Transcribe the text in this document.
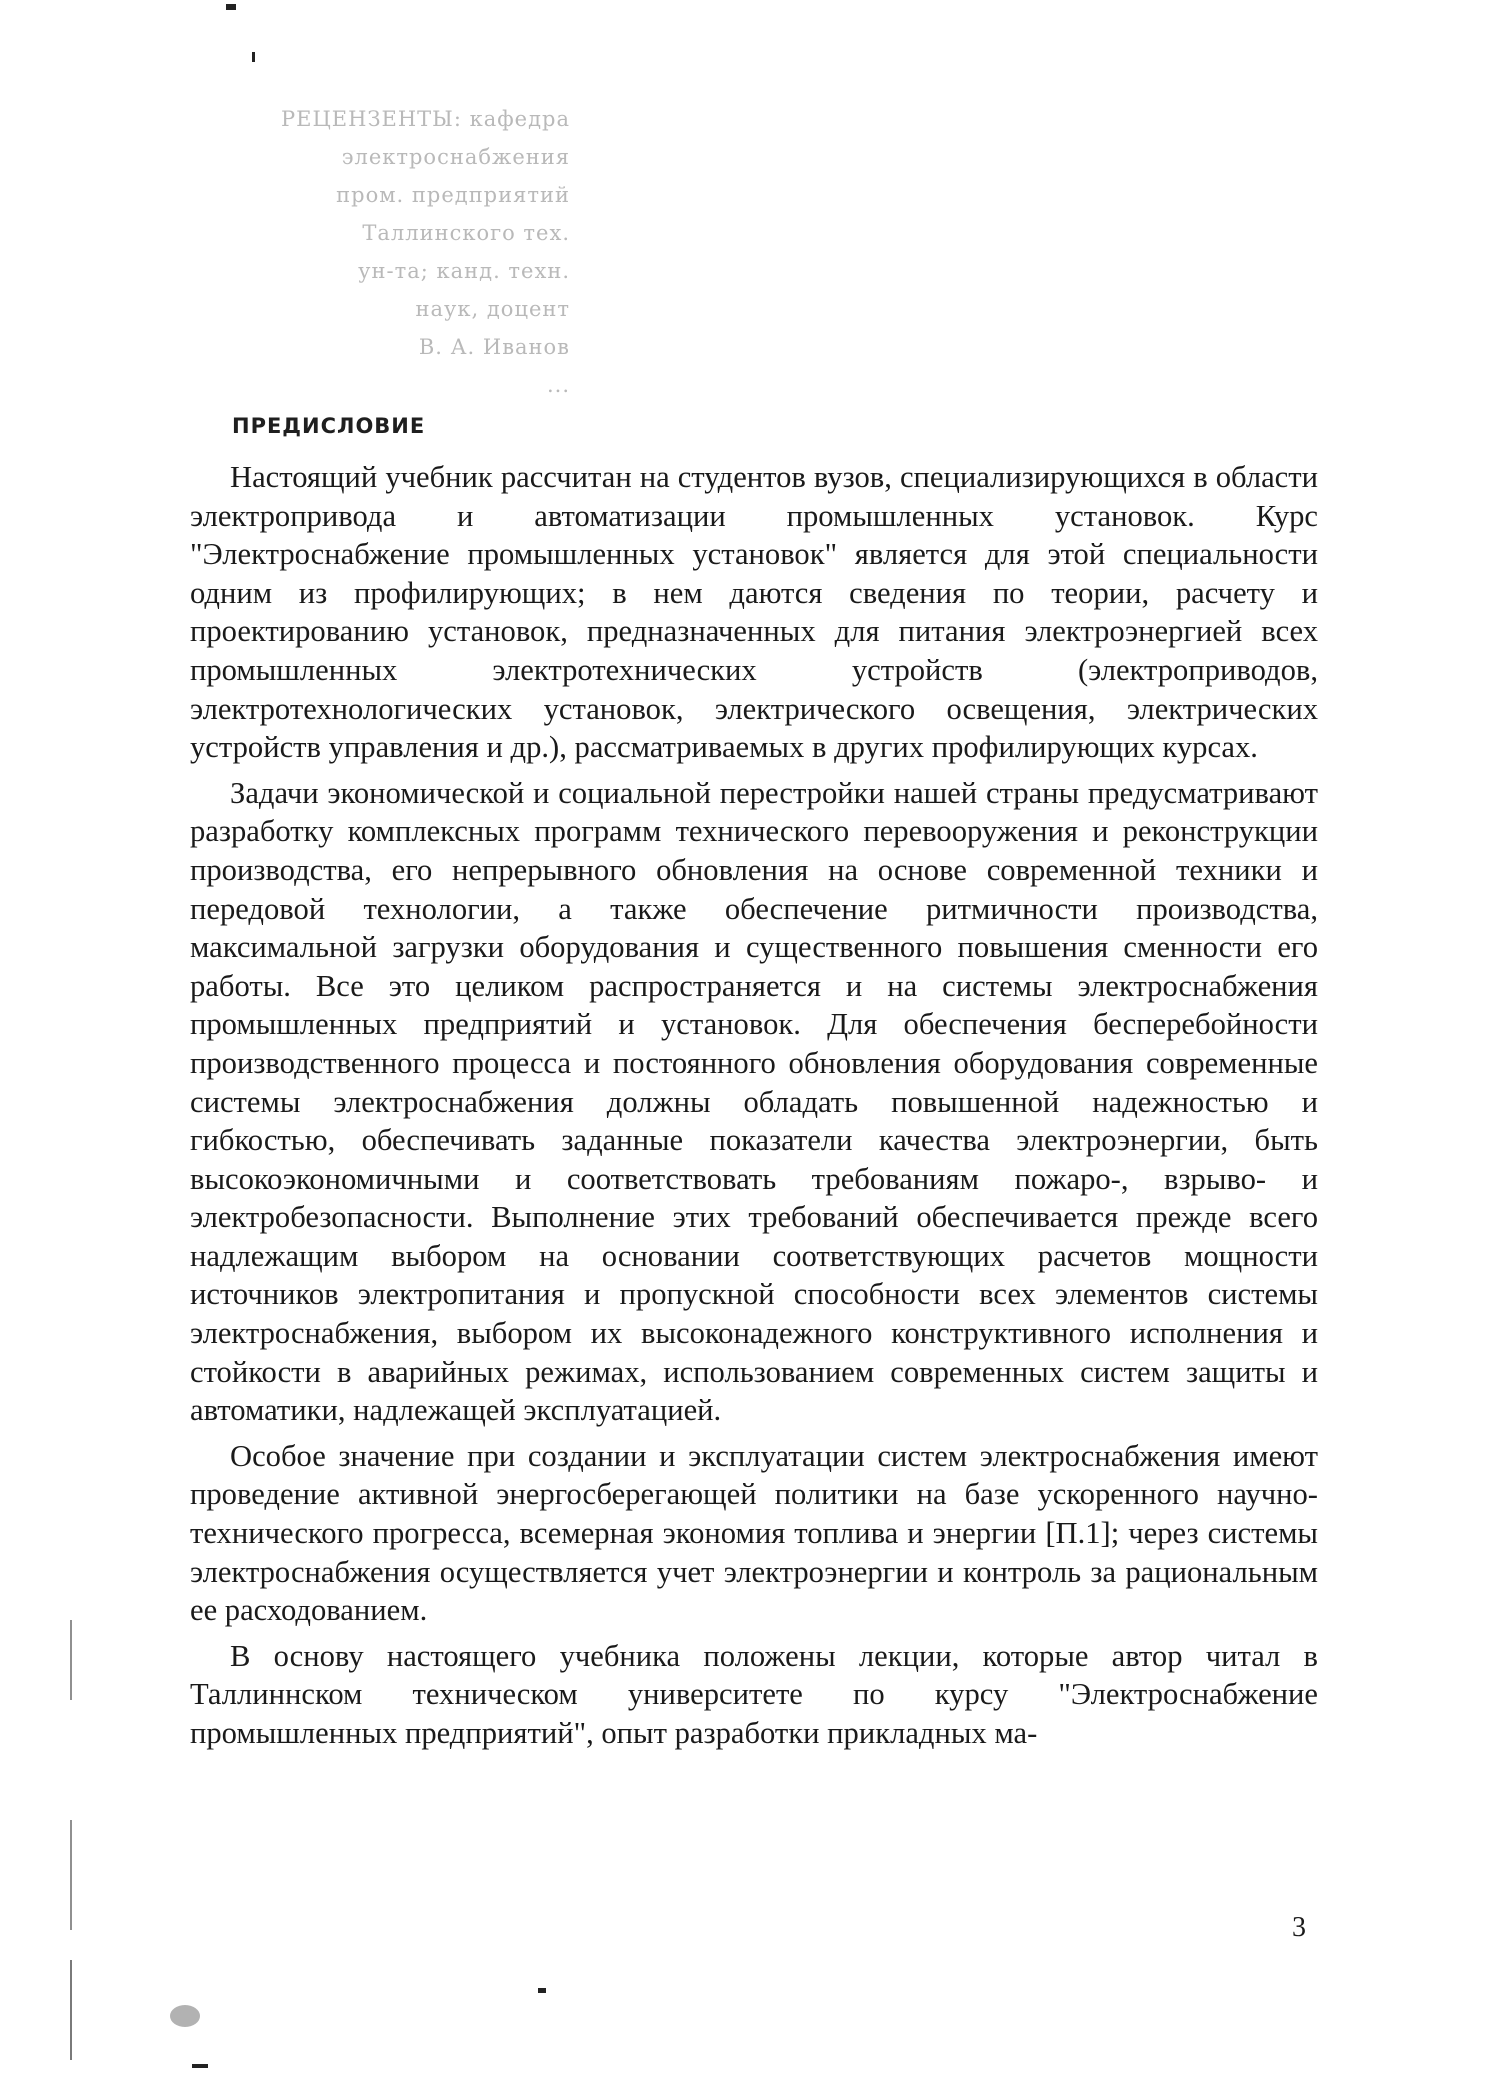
РЕЦЕНЗЕНТЫ: кафедра
электроснабжения
пром. предприятий
Таллинского тех.
ун-та; канд. техн.
наук, доцент
В. А. Иванов
...
ПРЕДИСЛОВИЕ

Настоящий учебник рассчитан на студентов вузов, специализирующихся в области электропривода и автоматизации промышленных установок. Курс "Электроснабжение промышленных установок" является для этой специальности одним из профилирующих; в нем даются сведения по теории, расчету и проектированию установок, предназначенных для питания электроэнергией всех промышленных электротехнических устройств (электроприводов, электротехнологических установок, электрического освещения, электрических устройств управления и др.), рассматриваемых в других профилирующих курсах.

Задачи экономической и социальной перестройки нашей страны предусматривают разработку комплексных программ технического перевооружения и реконструкции производства, его непрерывного обновления на основе современной техники и передовой технологии, а также обеспечение ритмичности производства, максимальной загрузки оборудования и существенного повышения сменности его работы. Все это целиком распространяется и на системы электроснабжения промышленных предприятий и установок. Для обеспечения бесперебойности производственного процесса и постоянного обновления оборудования современные системы электроснабжения должны обладать повышенной надежностью и гибкостью, обеспечивать заданные показатели качества электроэнергии, быть высокоэкономичными и соответствовать требованиям пожаро-, взрыво- и электробезопасности. Выполнение этих требований обеспечивается прежде всего надлежащим выбором на основании соответствующих расчетов мощности источников электропитания и пропускной способности всех элементов системы электроснабжения, выбором их высоконадежного конструктивного исполнения и стойкости в аварийных режимах, использованием современных систем защиты и автоматики, надлежащей эксплуатацией.

Особое значение при создании и эксплуатации систем электроснабжения имеют проведение активной энергосберегающей политики на базе ускоренного научно-технического прогресса, всемерная экономия топлива и энергии [П.1]; через системы электроснабжения осуществляется учет электроэнергии и контроль за рациональным ее расходованием.

В основу настоящего учебника положены лекции, которые автор читал в Таллиннском техническом университете по курсу "Электроснабжение промышленных предприятий", опыт разработки прикладных ма-

3
